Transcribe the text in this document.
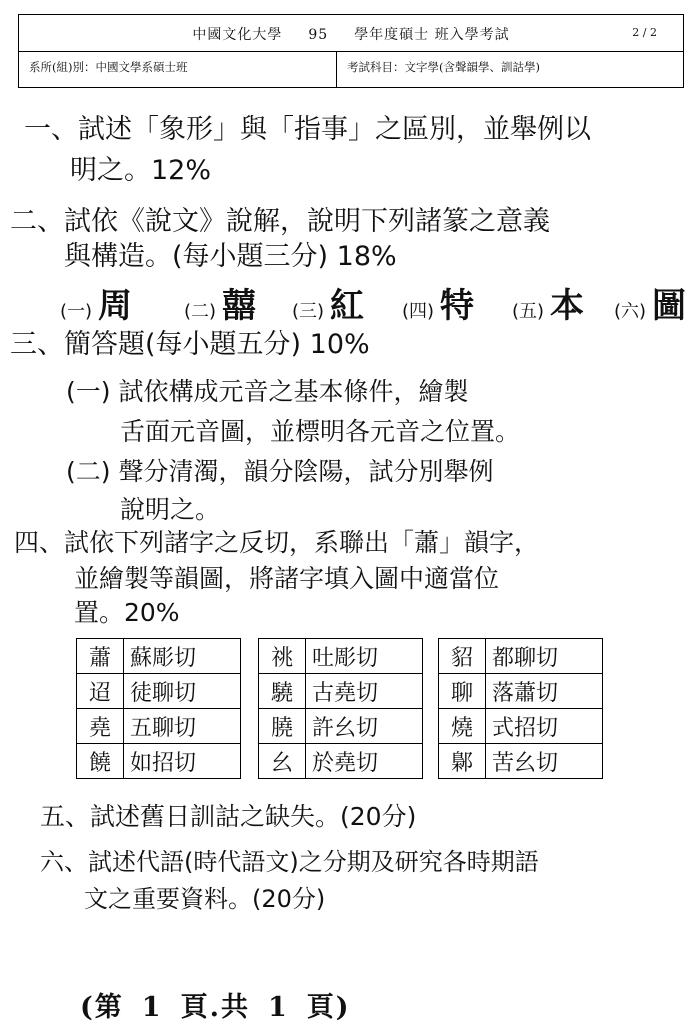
中國文化大學 95 學年度碩士 班入學考試	2 / 2
系所(組)別：中國文學系碩士班	考試科目：文字學(含聲韻學、訓詁學)
一、試述「象形」與「指事」之區別，並舉例以
明之。12%
二、試依《說文》說解，說明下列諸篆之意義
與構造。(每小題三分) 18%
(一) 周	(二) 囍 (三) 紅 (四) 特 (五) 本 (六) 圖
三、簡答題(每小題五分) 10%
(一) 試依構成元音之基本條件，繪製
舌面元音圖，並標明各元音之位置。
(二) 聲分清濁，韻分陰陽，試分別舉例
說明之。
四、試依下列諸字之反切，系聯出「蕭」韻字，
並繪製等韻圖，將諸字填入圖中適當位
置。20%
蕭	蘇彫切
迢	徒聊切
堯	五聊切
饒	如招切
祧	吐彫切
驍	古堯切
膮	許幺切
幺	於堯切
貂	都聊切
聊	落蕭切
燒	式招切
鄡	苦幺切
五、試述舊日訓詁之缺失。(20分)
六、試述代語(時代語文)之分期及研究各時期語
文之重要資料。(20分)
(第 1 頁.共 1 頁)
